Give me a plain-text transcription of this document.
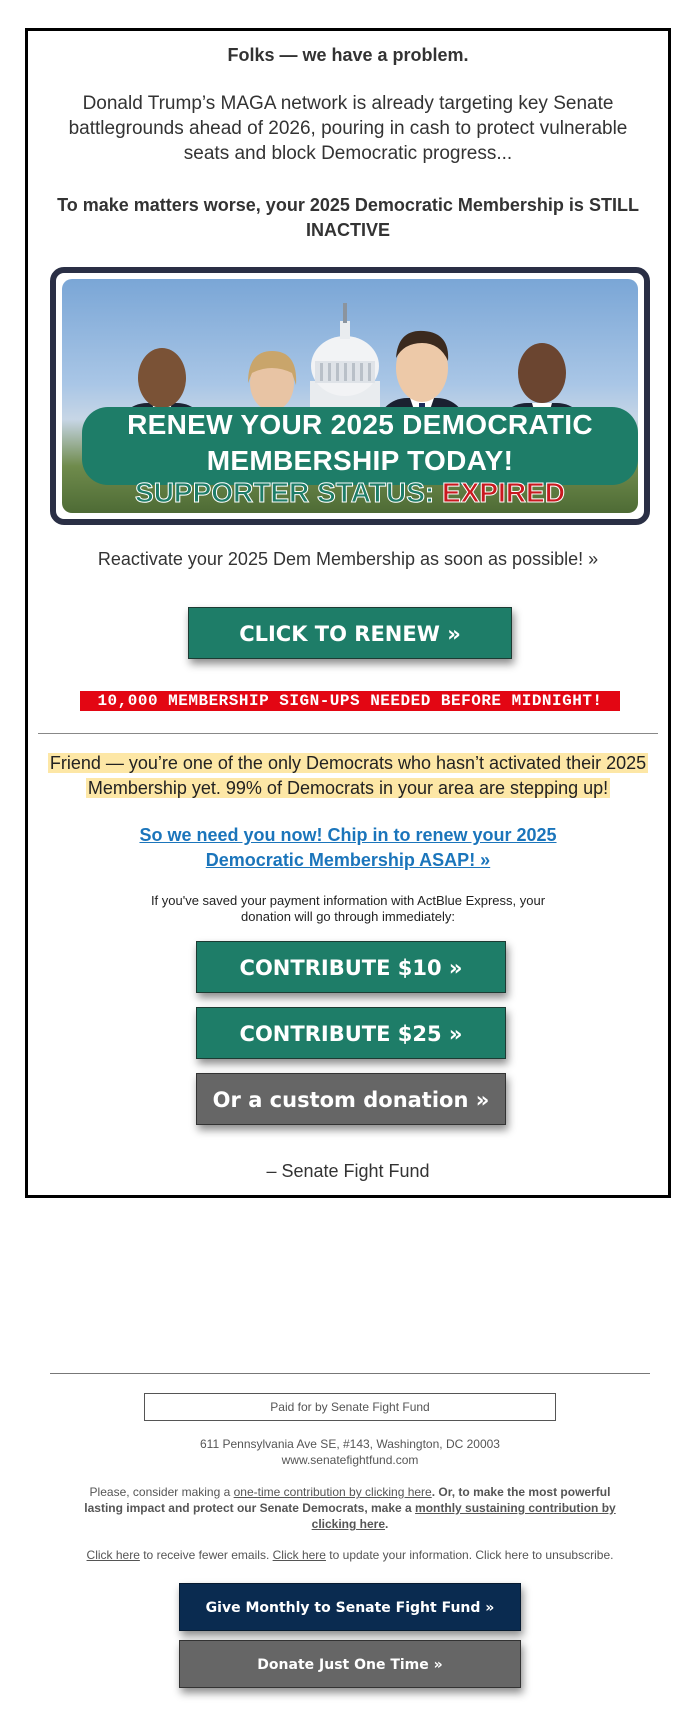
Folks — we have a problem.
Donald Trump’s MAGA network is already targeting key Senate battlegrounds ahead of 2026, pouring in cash to protect vulnerable seats and block Democratic progress...
To make matters worse, your 2025 Democratic Membership is STILL INACTIVE
RENEW YOUR 2025 DEMOCRATIC
MEMBERSHIP TODAY!
SUPPORTER STATUS: EXPIRED
Reactivate your 2025 Dem Membership as soon as possible! »
CLICK TO RENEW »
10,000 MEMBERSHIP SIGN-UPS NEEDED BEFORE MIDNIGHT!
Friend — you’re one of the only Democrats who hasn’t activated their 2025 Membership yet. 99% of Democrats in your area are stepping up!
So we need you now! Chip in to renew your 2025 Democratic Membership ASAP! »
If you've saved your payment information with ActBlue Express, your donation will go through immediately:
CONTRIBUTE $10 »
CONTRIBUTE $25 »
Or a custom donation »
– Senate Fight Fund
Paid for by Senate Fight Fund
611 Pennsylvania Ave SE, #143, Washington, DC 20003
www.senatefightfund.com
Please, consider making a one-time contribution by clicking here. Or, to make the most powerful lasting impact and protect our Senate Democrats, make a monthly sustaining contribution by clicking here.
Click here to receive fewer emails. Click here to update your information. Click here to unsubscribe.
Give Monthly to Senate Fight Fund »
Donate Just One Time »
